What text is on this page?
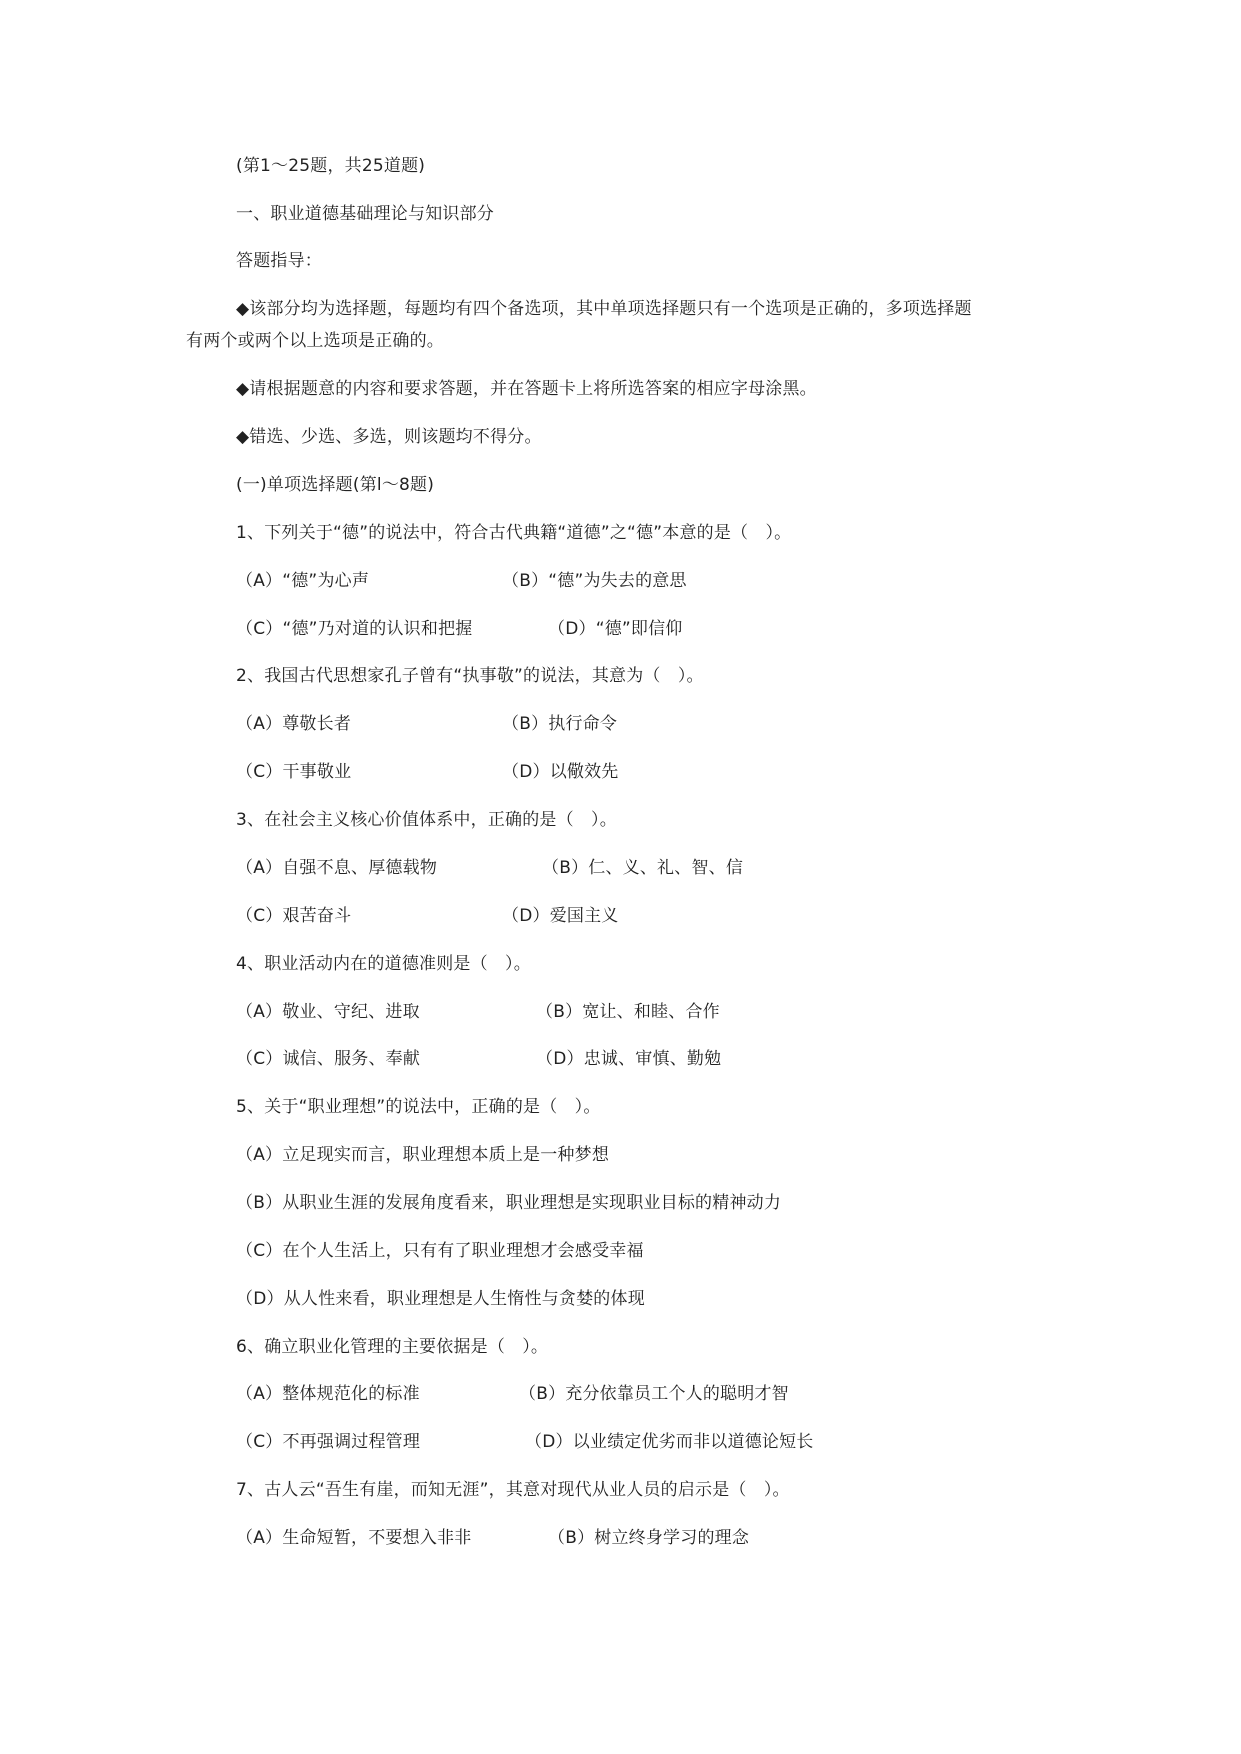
(第1～25题，共25道题)
一、职业道德基础理论与知识部分
答题指导：
◆该部分均为选择题，每题均有四个备选项，其中单项选择题只有一个选项是正确的，多项选择题
有两个或两个以上选项是正确的。
◆请根据题意的内容和要求答题，并在答题卡上将所选答案的相应字母涂黑。
◆错选、少选、多选，则该题均不得分。
(一)单项选择题(第l～8题)
1、下列关于“德”的说法中，符合古代典籍“道德”之“德”本意的是（　）。
（A）“德”为心声	（B）“德”为失去的意思
（C）“德”乃对道的认识和把握	（D）“德”即信仰
2、我国古代思想家孔子曾有“执事敬”的说法，其意为（　）。
（A）尊敬长者	（B）执行命令
（C）干事敬业	（D）以儆效先
3、在社会主义核心价值体系中，正确的是（　）。
（A）自强不息、厚德载物	（B）仁、义、礼、智、信
（C）艰苦奋斗	（D）爱国主义
4、职业活动内在的道德准则是（　）。
（A）敬业、守纪、进取	（B）宽让、和睦、合作
（C）诚信、服务、奉献	（D）忠诚、审慎、勤勉
5、关于“职业理想”的说法中，正确的是（　）。
（A）立足现实而言，职业理想本质上是一种梦想
（B）从职业生涯的发展角度看来，职业理想是实现职业目标的精神动力
（C）在个人生活上，只有有了职业理想才会感受幸福
（D）从人性来看，职业理想是人生惰性与贪婪的体现
6、确立职业化管理的主要依据是（　）。
（A）整体规范化的标准	（B）充分依靠员工个人的聪明才智
（C）不再强调过程管理	（D）以业绩定优劣而非以道德论短长
7、古人云“吾生有崖，而知无涯”，其意对现代从业人员的启示是（　）。
（A）生命短暂，不要想入非非	（B）树立终身学习的理念
